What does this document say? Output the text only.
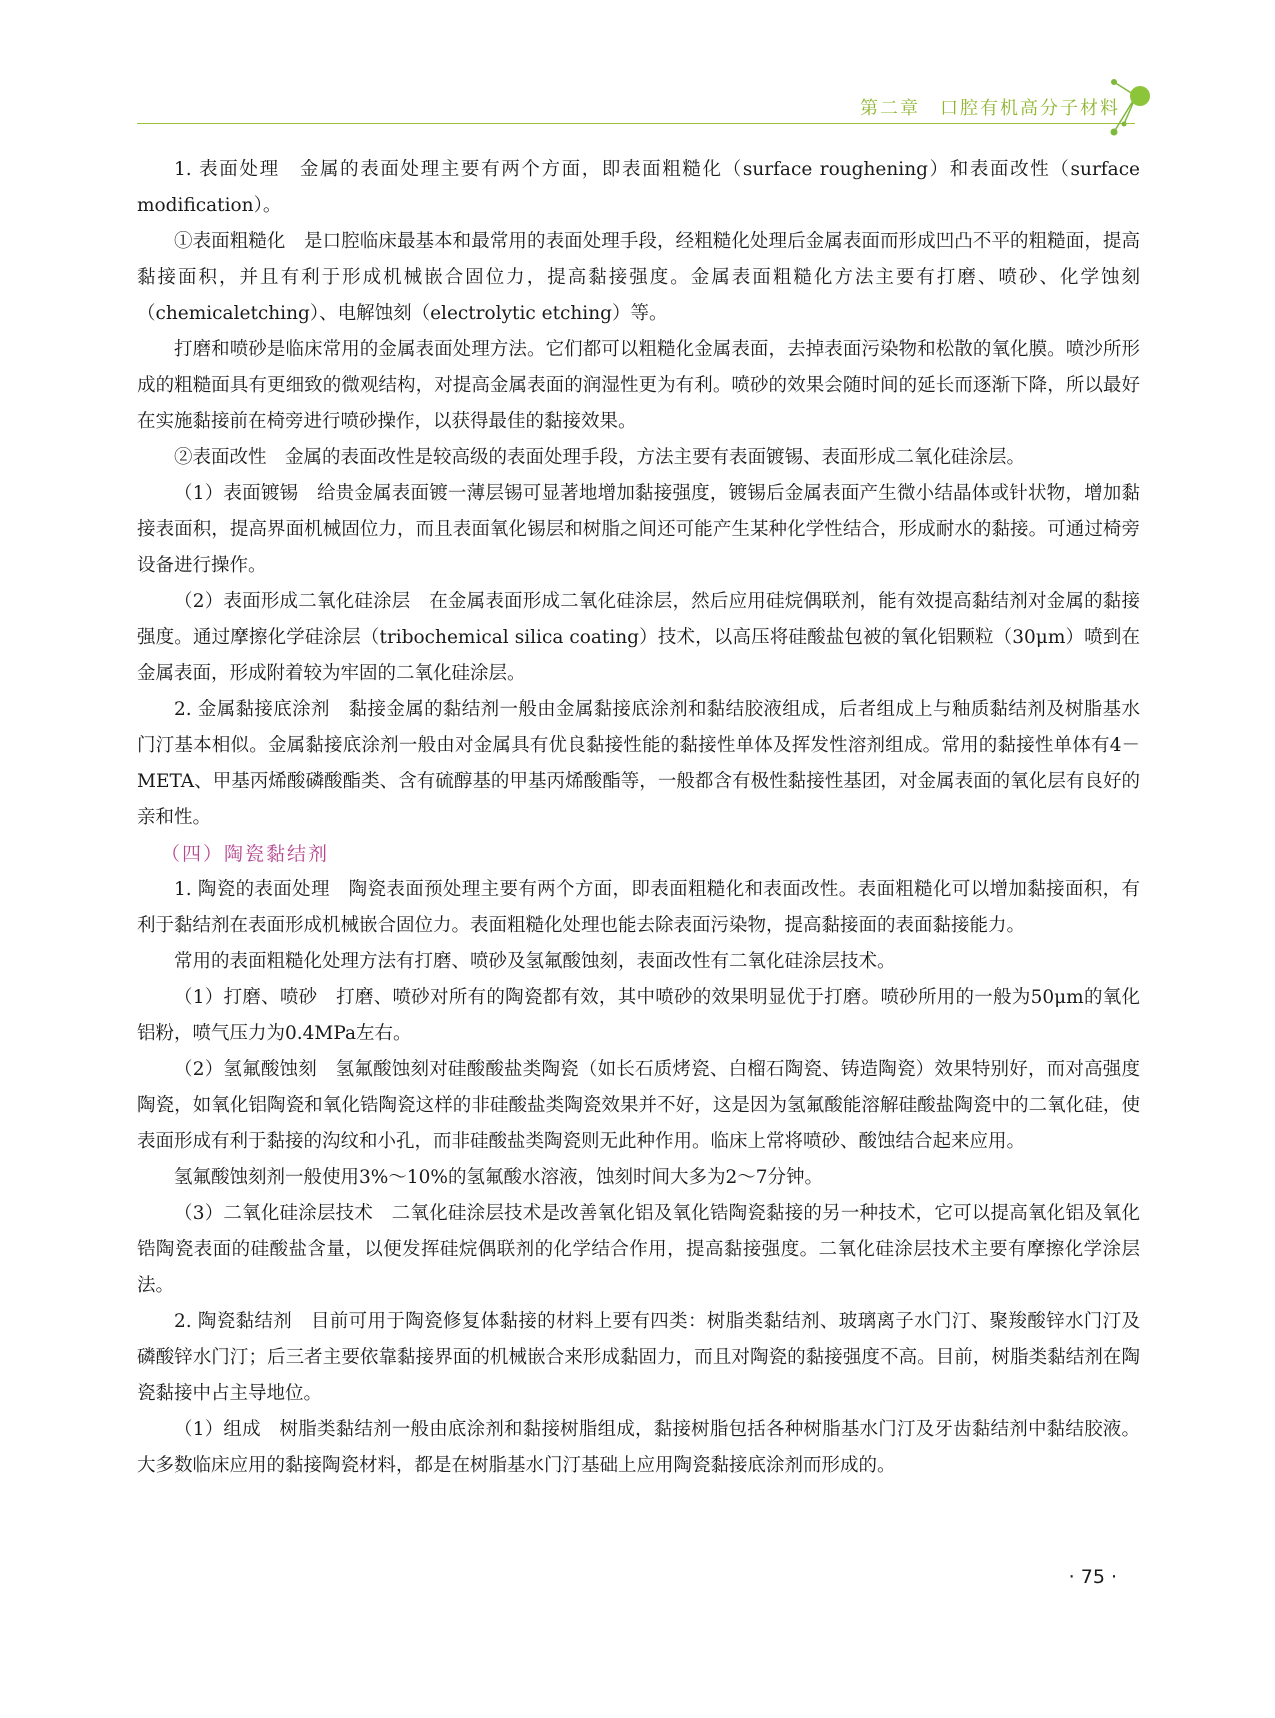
第二章　口腔有机高分子材料

1. 表面处理　金属的表面处理主要有两个方面，即表面粗糙化（surface roughening）和表面改性（surface modification）。

①表面粗糙化　是口腔临床最基本和最常用的表面处理手段，经粗糙化处理后金属表面而形成凹凸不平的粗糙面，提高黏接面积，并且有利于形成机械嵌合固位力，提高黏接强度。金属表面粗糙化方法主要有打磨、喷砂、化学蚀刻（chemicaletching）、电解蚀刻（electrolytic etching）等。

打磨和喷砂是临床常用的金属表面处理方法。它们都可以粗糙化金属表面，去掉表面污染物和松散的氧化膜。喷沙所形成的粗糙面具有更细致的微观结构，对提高金属表面的润湿性更为有利。喷砂的效果会随时间的延长而逐渐下降，所以最好在实施黏接前在椅旁进行喷砂操作，以获得最佳的黏接效果。

②表面改性　金属的表面改性是较高级的表面处理手段，方法主要有表面镀锡、表面形成二氧化硅涂层。

（1）表面镀锡　给贵金属表面镀一薄层锡可显著地增加黏接强度，镀锡后金属表面产生微小结晶体或针状物，增加黏接表面积，提高界面机械固位力，而且表面氧化锡层和树脂之间还可能产生某种化学性结合，形成耐水的黏接。可通过椅旁设备进行操作。

（2）表面形成二氧化硅涂层　在金属表面形成二氧化硅涂层，然后应用硅烷偶联剂，能有效提高黏结剂对金属的黏接强度。通过摩擦化学硅涂层（tribochemical silica coating）技术，以高压将硅酸盐包被的氧化铝颗粒（30μm）喷到在金属表面，形成附着较为牢固的二氧化硅涂层。

2. 金属黏接底涂剂　黏接金属的黏结剂一般由金属黏接底涂剂和黏结胶液组成，后者组成上与釉质黏结剂及树脂基水门汀基本相似。金属黏接底涂剂一般由对金属具有优良黏接性能的黏接性单体及挥发性溶剂组成。常用的黏接性单体有4－META、甲基丙烯酸磷酸酯类、含有硫醇基的甲基丙烯酸酯等，一般都含有极性黏接性基团，对金属表面的氧化层有良好的亲和性。

（四）陶瓷黏结剂

1. 陶瓷的表面处理　陶瓷表面预处理主要有两个方面，即表面粗糙化和表面改性。表面粗糙化可以增加黏接面积，有利于黏结剂在表面形成机械嵌合固位力。表面粗糙化处理也能去除表面污染物，提高黏接面的表面黏接能力。

常用的表面粗糙化处理方法有打磨、喷砂及氢氟酸蚀刻，表面改性有二氧化硅涂层技术。

（1）打磨、喷砂　打磨、喷砂对所有的陶瓷都有效，其中喷砂的效果明显优于打磨。喷砂所用的一般为50μm的氧化铝粉，喷气压力为0.4MPa左右。

（2）氢氟酸蚀刻　氢氟酸蚀刻对硅酸酸盐类陶瓷（如长石质烤瓷、白榴石陶瓷、铸造陶瓷）效果特别好，而对高强度陶瓷，如氧化铝陶瓷和氧化锆陶瓷这样的非硅酸盐类陶瓷效果并不好，这是因为氢氟酸能溶解硅酸盐陶瓷中的二氧化硅，使表面形成有利于黏接的沟纹和小孔，而非硅酸盐类陶瓷则无此种作用。临床上常将喷砂、酸蚀结合起来应用。

氢氟酸蚀刻剂一般使用3%～10%的氢氟酸水溶液，蚀刻时间大多为2～7分钟。

（3）二氧化硅涂层技术　二氧化硅涂层技术是改善氧化铝及氧化锆陶瓷黏接的另一种技术，它可以提高氧化铝及氧化锆陶瓷表面的硅酸盐含量，以便发挥硅烷偶联剂的化学结合作用，提高黏接强度。二氧化硅涂层技术主要有摩擦化学涂层法。

2. 陶瓷黏结剂　目前可用于陶瓷修复体黏接的材料上要有四类：树脂类黏结剂、玻璃离子水门汀、聚羧酸锌水门汀及磷酸锌水门汀；后三者主要依靠黏接界面的机械嵌合来形成黏固力，而且对陶瓷的黏接强度不高。目前，树脂类黏结剂在陶瓷黏接中占主导地位。

（1）组成　树脂类黏结剂一般由底涂剂和黏接树脂组成，黏接树脂包括各种树脂基水门汀及牙齿黏结剂中黏结胶液。大多数临床应用的黏接陶瓷材料，都是在树脂基水门汀基础上应用陶瓷黏接底涂剂而形成的。

· 75 ·
